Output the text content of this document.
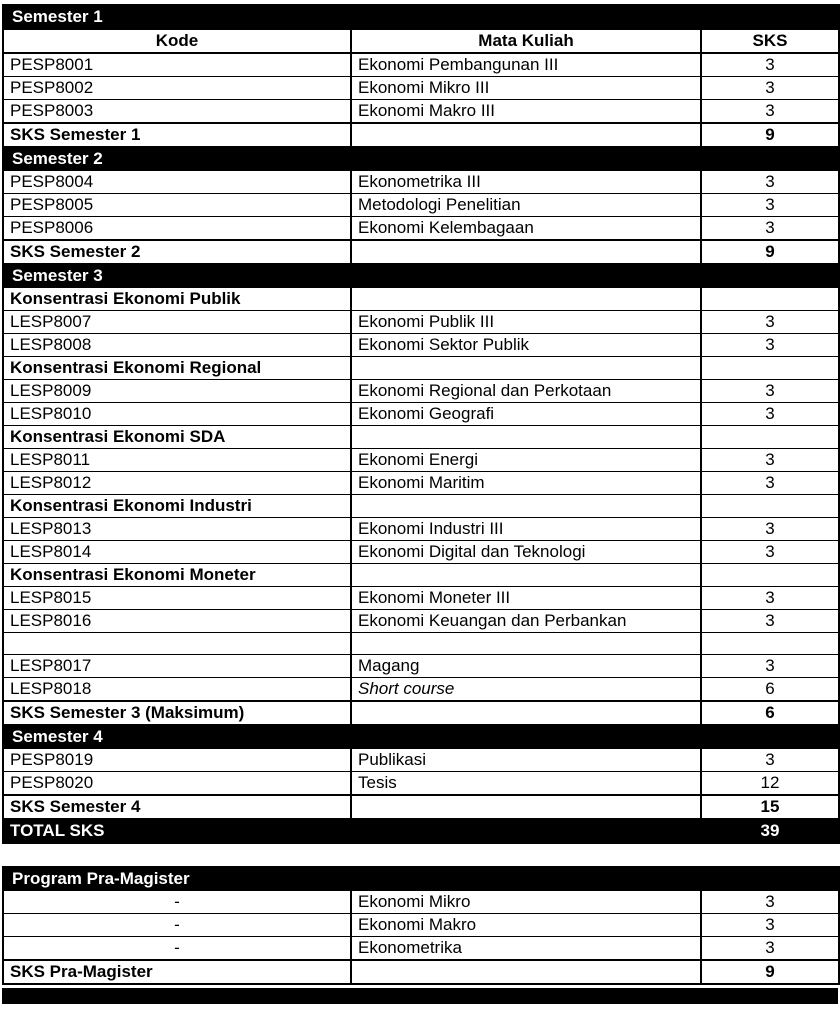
Semester 1		
Kode	Mata Kuliah	SKS
PESP8001	Ekonomi Pembangunan III	3
PESP8002	Ekonomi Mikro III	3
PESP8003	Ekonomi Makro III	3
SKS Semester 1		9
Semester 2		
PESP8004	Ekonometrika III	3
PESP8005	Metodologi Penelitian	3
PESP8006	Ekonomi Kelembagaan	3
SKS Semester 2		9
Semester 3		
Konsentrasi Ekonomi Publik		
LESP8007	Ekonomi Publik III	3
LESP8008	Ekonomi Sektor Publik	3
Konsentrasi Ekonomi Regional		
LESP8009	Ekonomi Regional dan Perkotaan	3
LESP8010	Ekonomi Geografi	3
Konsentrasi Ekonomi SDA		
LESP8011	Ekonomi Energi	3
LESP8012	Ekonomi Maritim	3
Konsentrasi Ekonomi Industri		
LESP8013	Ekonomi Industri III	3
LESP8014	Ekonomi Digital dan Teknologi	3
Konsentrasi Ekonomi Moneter		
LESP8015	Ekonomi Moneter III	3
LESP8016	Ekonomi Keuangan dan Perbankan	3

LESP8017	Magang	3
LESP8018	Short course	6
SKS Semester 3 (Maksimum)		6
Semester 4		
PESP8019	Publikasi	3
PESP8020	Tesis	12
SKS Semester 4		15
TOTAL SKS		39
Program Pra-Magister		
-	Ekonomi Mikro	3
-	Ekonomi Makro	3
-	Ekonometrika	3
SKS Pra-Magister		9
